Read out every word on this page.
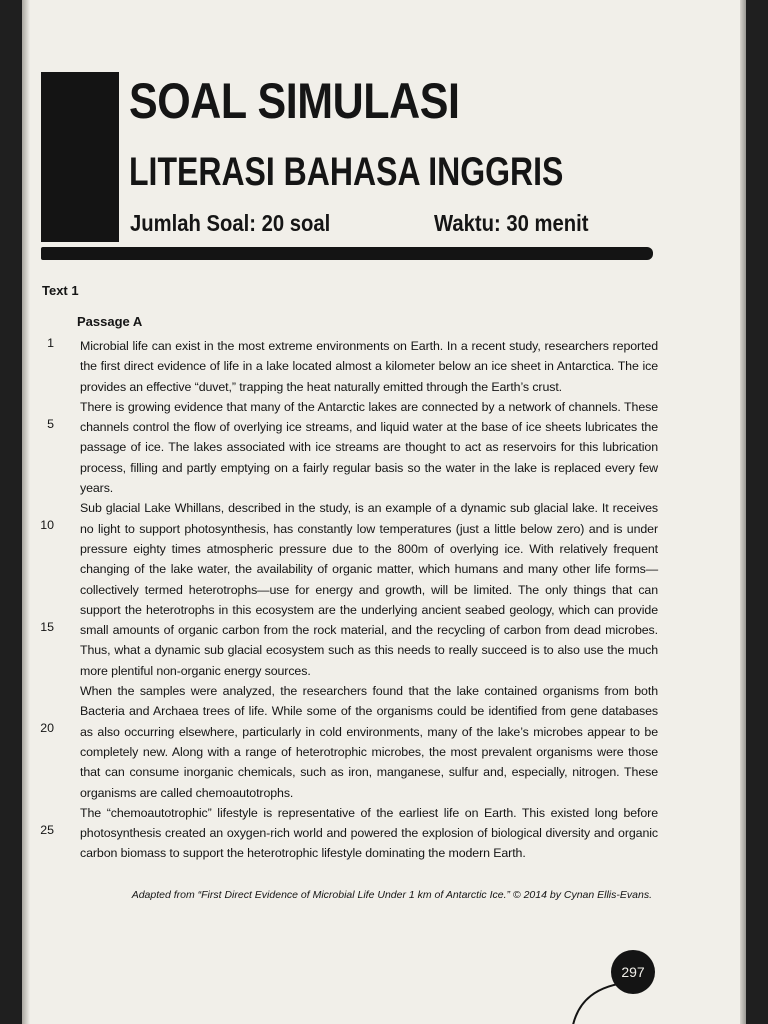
SOAL SIMULASI
LITERASI BAHASA INGGRIS
Jumlah Soal: 20 soal	Waktu: 30 menit
Text 1
Passage A
1
5
10
15
20
25

Microbial life can exist in the most extreme environments on Earth. In a recent study, researchers reported the first direct evidence of life in a lake located almost a kilometer below an ice sheet in Antarctica. The ice provides an effective “duvet,” trapping the heat naturally emitted through the Earth’s crust.

There is growing evidence that many of the Antarctic lakes are connected by a network of channels. These channels control the flow of overlying ice streams, and liquid water at the base of ice sheets lubricates the passage of ice. The lakes associated with ice streams are thought to act as reservoirs for this lubrication process, filling and partly emptying on a fairly regular basis so the water in the lake is replaced every few years.

Sub glacial Lake Whillans, described in the study, is an example of a dynamic sub glacial lake. It receives no light to support photosynthesis, has constantly low temperatures (just a little below zero) and is under pressure eighty times atmospheric pressure due to the 800m of overlying ice. With relatively frequent changing of the lake water, the availability of organic matter, which humans and many other life forms—collectively termed heterotrophs—use for energy and growth, will be limited. The only things that can support the heterotrophs in this ecosystem are the underlying ancient seabed geology, which can provide small amounts of organic carbon from the rock material, and the recycling of carbon from dead microbes. Thus, what a dynamic sub glacial ecosystem such as this needs to really succeed is to also use the much more plentiful non-organic energy sources.

When the samples were analyzed, the researchers found that the lake contained organisms from both Bacteria and Archaea trees of life. While some of the organisms could be identified from gene databases as also occurring elsewhere, particularly in cold environments, many of the lake’s microbes appear to be completely new. Along with a range of heterotrophic microbes, the most prevalent organisms were those that can consume inorganic chemicals, such as iron, manganese, sulfur and, especially, nitrogen. These organisms are called chemoautotrophs.

The “chemoautotrophic” lifestyle is representative of the earliest life on Earth. This existed long before photosynthesis created an oxygen-rich world and powered the explosion of biological diversity and organic carbon biomass to support the heterotrophic lifestyle dominating the modern Earth.

Adapted from “First Direct Evidence of Microbial Life Under 1 km of Antarctic Ice.” © 2014 by Cynan Ellis-Evans.
297
